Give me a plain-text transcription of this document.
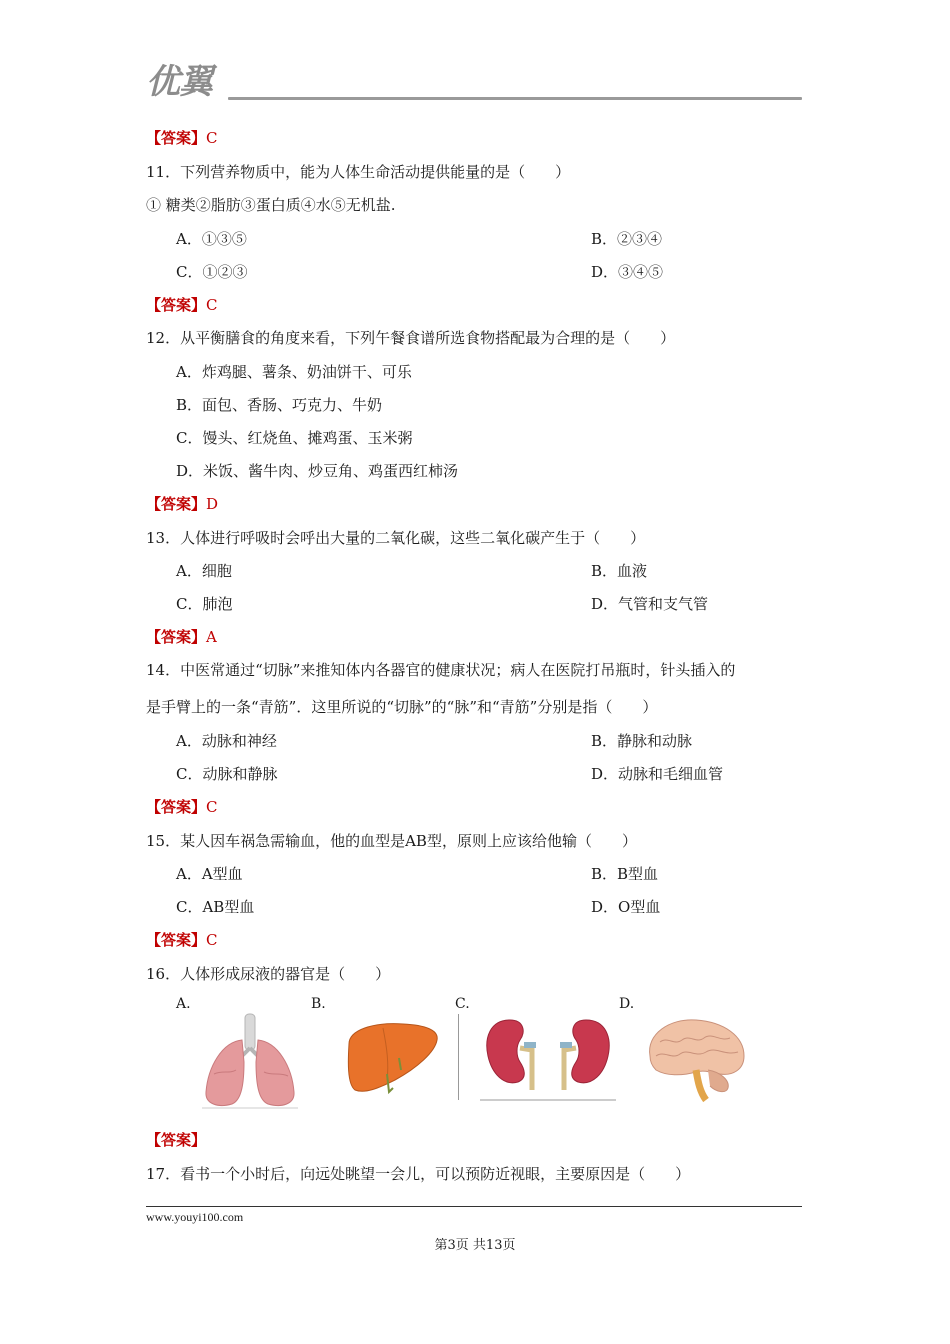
优翼
【答案】C
11．下列营养物质中，能为人体生命活动提供能量的是（　　）
① 糖类②脂肪③蛋白质④水⑤无机盐.
A．①③⑤	B．②③④
C．①②③	D．③④⑤
【答案】C
12．从平衡膳食的角度来看，下列午餐食谱所选食物搭配最为合理的是（　　）
A．炸鸡腿、薯条、奶油饼干、可乐
B．面包、香肠、巧克力、牛奶
C．馒头、红烧鱼、摊鸡蛋、玉米粥
D．米饭、酱牛肉、炒豆角、鸡蛋西红柿汤
【答案】D
13．人体进行呼吸时会呼出大量的二氧化碳，这些二氧化碳产生于（　　）
A．细胞	B．血液
C．肺泡	D．气管和支气管
【答案】A
14．中医常通过“切脉”来推知体内各器官的健康状况；病人在医院打吊瓶时，针头插入的
是手臂上的一条“青筋”．这里所说的“切脉”的“脉”和“青筋”分别是指（　　）
A．动脉和神经	B．静脉和动脉
C．动脉和静脉	D．动脉和毛细血管
【答案】C
15．某人因车祸急需输血，他的血型是AB型，原则上应该给他输（　　）
A．A型血	B．B型血
C．AB型血	D．O型血
【答案】C
16．人体形成尿液的器官是（　　）
A.	B.	C.	D.
【答案】
17．看书一个小时后，向远处眺望一会儿，可以预防近视眼，主要原因是（　　）
www.youyi100.com
第3页 共13页
